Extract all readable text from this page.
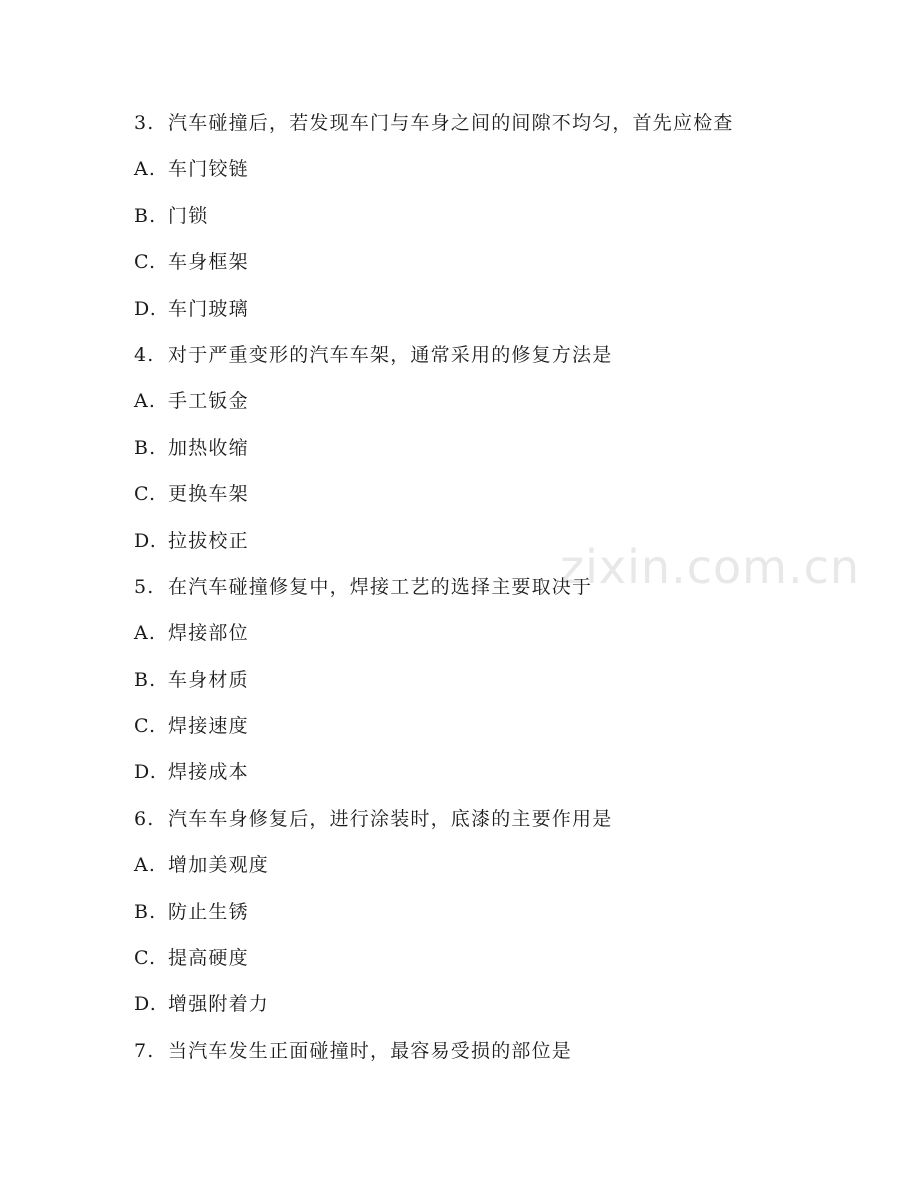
zixin.com.cn
3. 汽车碰撞后，若发现车门与车身之间的间隙不均匀，首先应检查
A. 车门铰链
B. 门锁
C. 车身框架
D. 车门玻璃
4. 对于严重变形的汽车车架，通常采用的修复方法是
A. 手工钣金
B. 加热收缩
C. 更换车架
D. 拉拔校正
5. 在汽车碰撞修复中，焊接工艺的选择主要取决于
A. 焊接部位
B. 车身材质
C. 焊接速度
D. 焊接成本
6. 汽车车身修复后，进行涂装时，底漆的主要作用是
A. 增加美观度
B. 防止生锈
C. 提高硬度
D. 增强附着力
7. 当汽车发生正面碰撞时，最容易受损的部位是
